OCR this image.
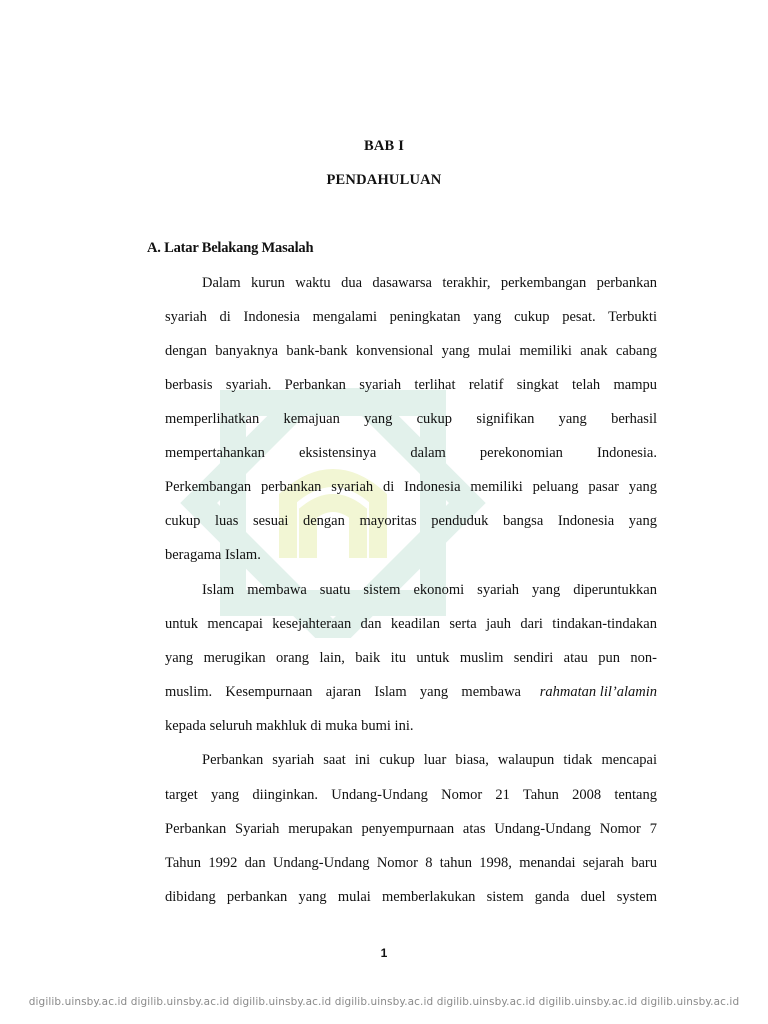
BAB I
PENDAHULUAN
A. Latar Belakang Masalah
Dalam kurun waktu dua dasawarsa terakhir, perkembangan perbankan
syariah di Indonesia mengalami peningkatan yang cukup pesat. Terbukti
dengan banyaknya bank-bank konvensional yang mulai memiliki anak cabang
berbasis syariah. Perbankan syariah terlihat relatif singkat telah mampu
memperlihatkan kemajuan yang cukup signifikan yang berhasil
mempertahankan eksistensinya dalam perekonomian Indonesia.
Perkembangan perbankan syariah di Indonesia memiliki peluang pasar yang
cukup luas sesuai dengan mayoritas penduduk bangsa Indonesia yang
beragama Islam.
Islam membawa suatu sistem ekonomi syariah yang diperuntukkan
untuk mencapai kesejahteraan dan keadilan serta jauh dari tindakan-tindakan
yang merugikan orang lain, baik itu untuk muslim sendiri atau pun non-
muslim. Kesempurnaan ajaran Islam yang membawa rahmatan lil’alamin
kepada seluruh makhluk di muka bumi ini.
Perbankan syariah saat ini cukup luar biasa, walaupun tidak mencapai
target yang diinginkan. Undang-Undang Nomor 21 Tahun 2008 tentang
Perbankan Syariah merupakan penyempurnaan atas Undang-Undang Nomor 7
Tahun 1992 dan Undang-Undang Nomor 8 tahun 1998, menandai sejarah baru
dibidang perbankan yang mulai memberlakukan sistem ganda duel system
1
digilib.uinsby.ac.id digilib.uinsby.ac.id digilib.uinsby.ac.id digilib.uinsby.ac.id digilib.uinsby.ac.id digilib.uinsby.ac.id digilib.uinsby.ac.id
